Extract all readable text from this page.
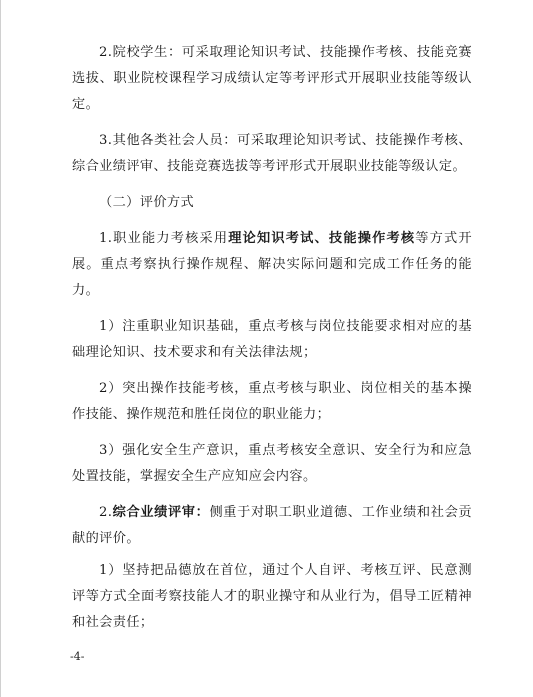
2.院校学生：可采取理论知识考试、技能操作考核、技能竞赛选拔、职业院校课程学习成绩认定等考评形式开展职业技能等级认定。

3.其他各类社会人员：可采取理论知识考试、技能操作考核、综合业绩评审、技能竞赛选拔等考评形式开展职业技能等级认定。

（二）评价方式

1.职业能力考核采用理论知识考试、技能操作考核等方式开展。重点考察执行操作规程、解决实际问题和完成工作任务的能力。

1）注重职业知识基础，重点考核与岗位技能要求相对应的基础理论知识、技术要求和有关法律法规；

2）突出操作技能考核，重点考核与职业、岗位相关的基本操作技能、操作规范和胜任岗位的职业能力；

3）强化安全生产意识，重点考核安全意识、安全行为和应急处置技能，掌握安全生产应知应会内容。

2.综合业绩评审：侧重于对职工职业道德、工作业绩和社会贡献的评价。

1）坚持把品德放在首位，通过个人自评、考核互评、民意测评等方式全面考察技能人才的职业操守和从业行为，倡导工匠精神和社会责任；

-4-
